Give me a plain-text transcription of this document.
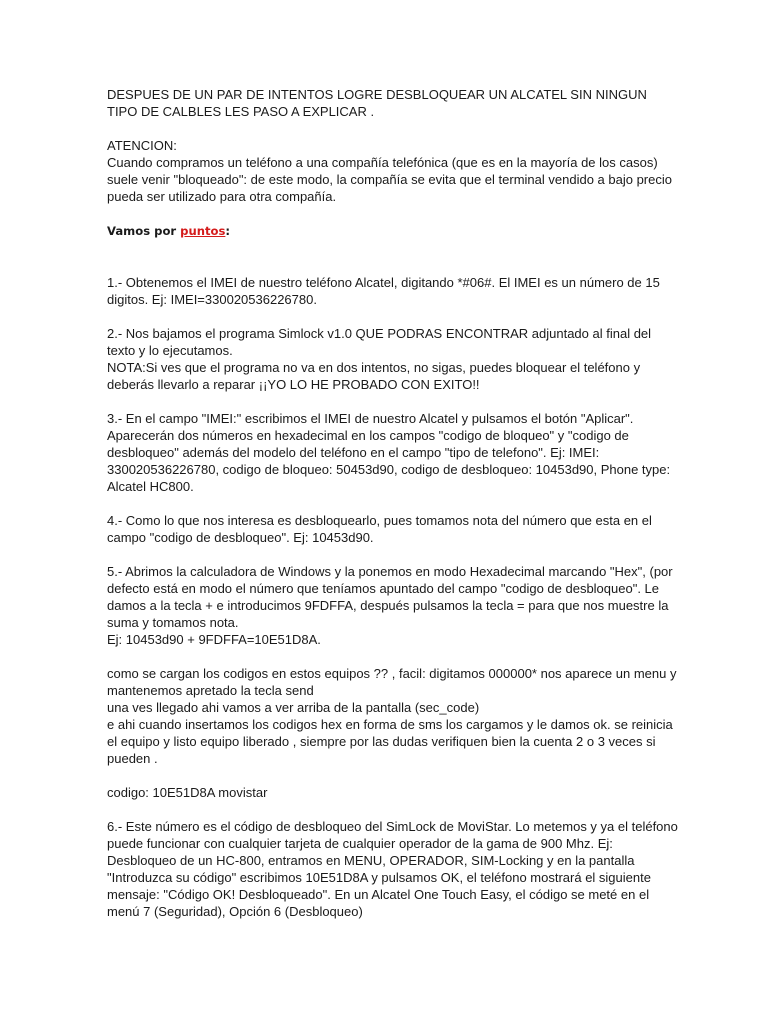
DESPUES DE UN PAR DE INTENTOS LOGRE DESBLOQUEAR UN ALCATEL SIN NINGUN
TIPO DE CALBLES LES PASO A EXPLICAR .
ATENCION:
Cuando compramos un teléfono a una compañía telefónica (que es en la mayoría de los casos)
suele venir "bloqueado": de este modo, la compañía se evita que el terminal vendido a bajo precio
pueda ser utilizado para otra compañía.
Vamos por puntos:
1.- Obtenemos el IMEI de nuestro teléfono Alcatel, digitando *#06#. El IMEI es un número de 15
digitos. Ej: IMEI=330020536226780.
2.- Nos bajamos el programa Simlock v1.0 QUE PODRAS ENCONTRAR adjuntado al final del
texto y lo ejecutamos.
NOTA:Si ves que el programa no va en dos intentos, no sigas, puedes bloquear el teléfono y
deberás llevarlo a reparar ¡¡YO LO HE PROBADO CON EXITO!!
3.- En el campo "IMEI:" escribimos el IMEI de nuestro Alcatel y pulsamos el botón "Aplicar".
Aparecerán dos números en hexadecimal en los campos "codigo de bloqueo" y "codigo de
desbloqueo" además del modelo del teléfono en el campo "tipo de telefono". Ej: IMEI:
330020536226780, codigo de bloqueo: 50453d90, codigo de desbloqueo: 10453d90, Phone type:
Alcatel HC800.
4.- Como lo que nos interesa es desbloquearlo, pues tomamos nota del número que esta en el
campo "codigo de desbloqueo". Ej: 10453d90.
5.- Abrimos la calculadora de Windows y la ponemos en modo Hexadecimal marcando "Hex", (por
defecto está en modo el número que teníamos apuntado del campo "codigo de desbloqueo". Le
damos a la tecla + e introducimos 9FDFFA, después pulsamos la tecla = para que nos muestre la
suma y tomamos nota.
Ej: 10453d90 + 9FDFFA=10E51D8A.
como se cargan los codigos en estos equipos ?? , facil: digitamos 000000* nos aparece un menu y
mantenemos apretado la tecla send
una ves llegado ahi vamos a ver arriba de la pantalla (sec_code)
e ahi cuando insertamos los codigos hex en forma de sms los cargamos y le damos ok. se reinicia
el equipo y listo equipo liberado , siempre por las dudas verifiquen bien la cuenta 2 o 3 veces si
pueden .
codigo: 10E51D8A movistar
6.- Este número es el código de desbloqueo del SimLock de MoviStar. Lo metemos y ya el teléfono
puede funcionar con cualquier tarjeta de cualquier operador de la gama de 900 Mhz. Ej:
Desbloqueo de un HC-800, entramos en MENU, OPERADOR, SIM-Locking y en la pantalla
"Introduzca su código" escribimos 10E51D8A y pulsamos OK, el teléfono mostrará el siguiente
mensaje: "Código OK! Desbloqueado". En un Alcatel One Touch Easy, el código se meté en el
menú 7 (Seguridad), Opción 6 (Desbloqueo)
